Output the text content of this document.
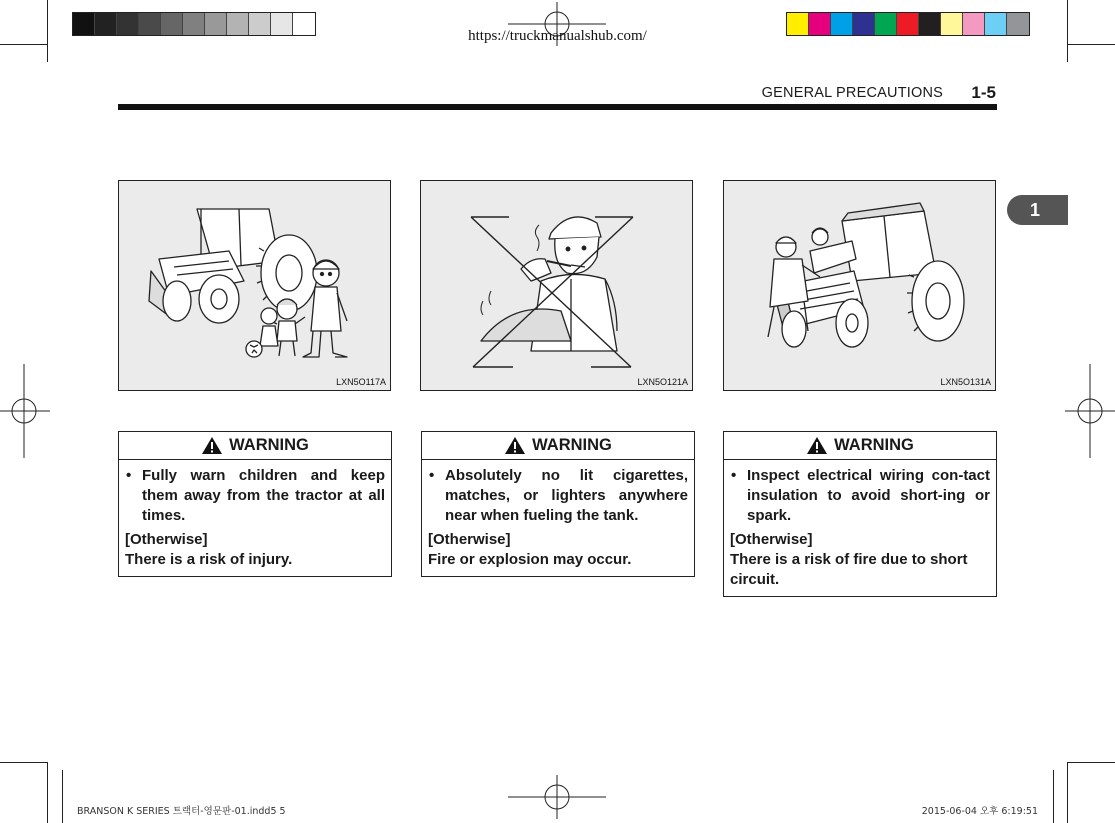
https://truckmanualshub.com/
GENERAL PRECAUTIONS	1-5
1
LXN5O117A	LXN5O121A	LXN5O131A
WARNING
• Fully warn children and keep them away from the tractor at all times.
[Otherwise]
There is a risk of injury.
WARNING
• Absolutely no lit cigarettes, matches, or lighters anywhere near when fueling the tank.
[Otherwise]
Fire or explosion may occur.
WARNING
• Inspect electrical wiring con-tact insulation to avoid short-ing or spark.
[Otherwise]
There is a risk of fire due to short circuit.
BRANSON K SERIES 트랙터-영문판-01.indd5 5	2015-06-04 오후 6:19:51
